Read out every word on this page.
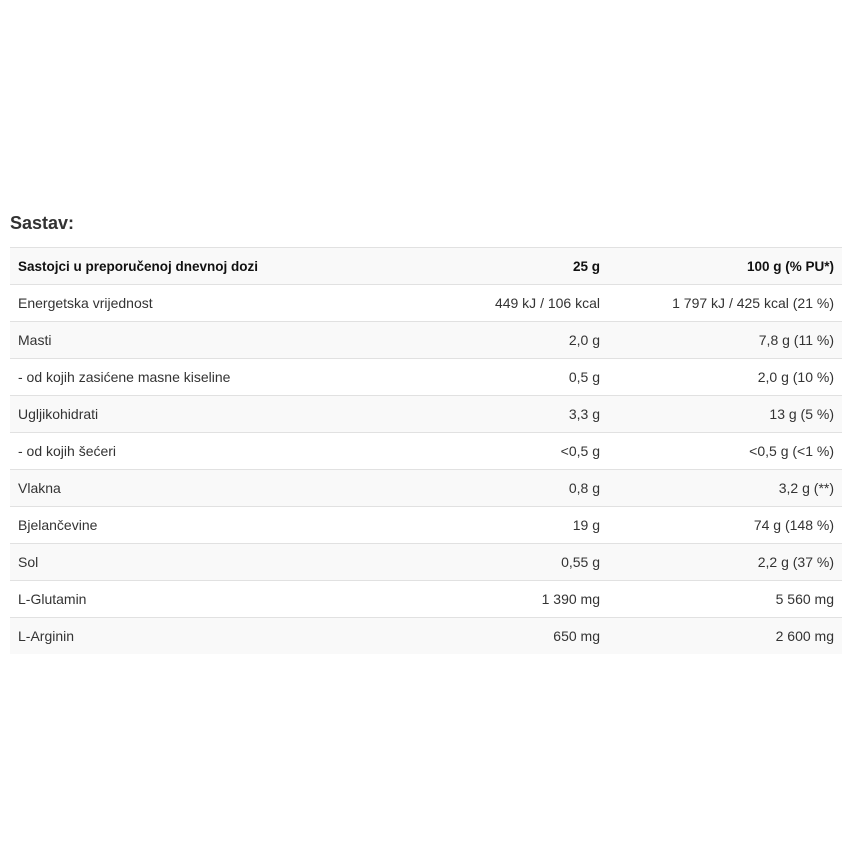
Sastav:
Sastojci u preporučenoj dnevnoj dozi	25 g	100 g (% PU*)
Energetska vrijednost	449 kJ / 106 kcal	1 797 kJ / 425 kcal (21 %)
Masti	2,0 g	7,8 g (11 %)
- od kojih zasićene masne kiseline	0,5 g	2,0 g (10 %)
Ugljikohidrati	3,3 g	13 g (5 %)
- od kojih šećeri	<0,5 g	<0,5 g (<1 %)
Vlakna	0,8 g	3,2 g (**)
Bjelančevine	19 g	74 g (148 %)
Sol	0,55 g	2,2 g (37 %)
L-Glutamin	1 390 mg	5 560 mg
L-Arginin	650 mg	2 600 mg
